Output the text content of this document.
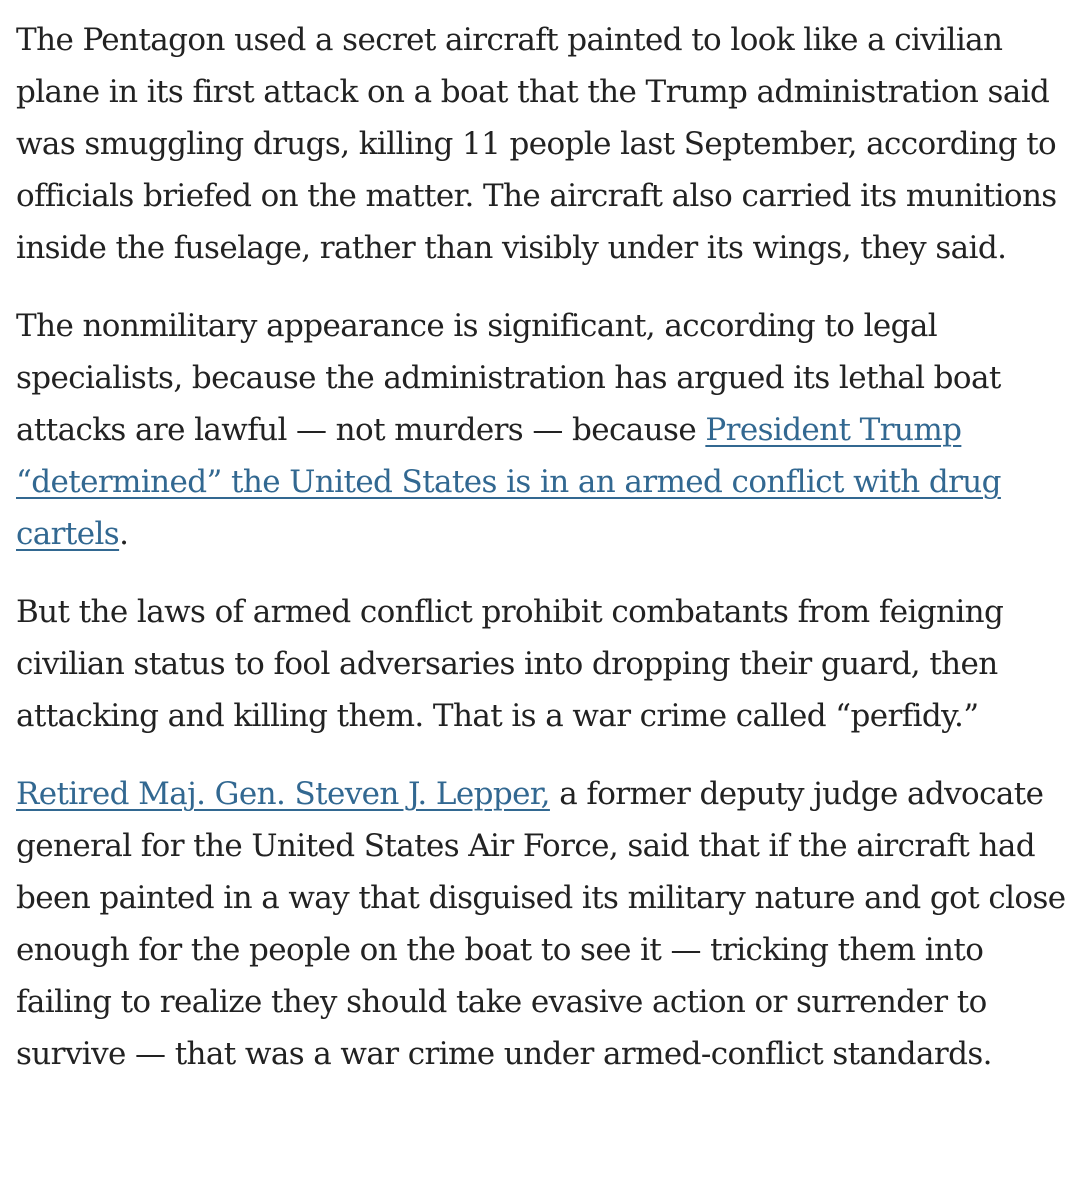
The Pentagon used a secret aircraft painted to look like a civilian plane in its first attack on a boat that the Trump administration said was smuggling drugs, killing 11 people last September, according to officials briefed on the matter. The aircraft also carried its munitions inside the fuselage, rather than visibly under its wings, they said.

The nonmilitary appearance is significant, according to legal specialists, because the administration has argued its lethal boat attacks are lawful — not murders — because President Trump “determined” the United States is in an armed conflict with drug cartels.

But the laws of armed conflict prohibit combatants from feigning civilian status to fool adversaries into dropping their guard, then attacking and killing them. That is a war crime called “perfidy.”

Retired Maj. Gen. Steven J. Lepper, a former deputy judge advocate general for the United States Air Force, said that if the aircraft had been painted in a way that disguised its military nature and got close enough for the people on the boat to see it — tricking them into failing to realize they should take evasive action or surrender to survive — that was a war crime under armed-conflict standards.
